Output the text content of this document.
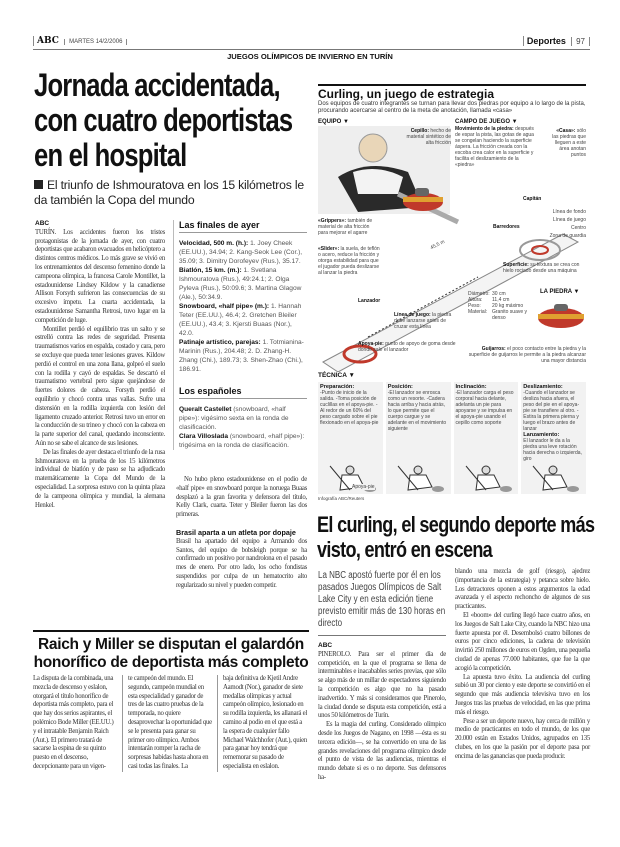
ABC MARTES 14/2/2006	Deportes 97
JUEGOS OLÍMPICOS DE INVIERNO EN TURÍN
Jornada accidentada, con cuatro deportistas en el hospital
El triunfo de Ishmouratova en los 15 kilómetros le da también la Copa del mundo
ABC

TURÍN. Los accidentes fueron los tristes protagonistas de la jornada de ayer, con cuatro deportistas que acabaron evacuados en helicóptero a distintos centros médicos. Lo más grave se vivió en los entrenamientos del descenso femenino donde la campeona olímpica, la francesa Carole Montillet, la estadounidense Lindsey Kildow y la canadiense Allison Forsyth sufrieron las consecuencias de su excesivo ímpetu. La cuarta accidentada, la estadounidense Samantha Retrosi, tuvo lugar en la competición de luge.

Montillet perdió el equilibrio tras un salto y se estrelló contra las redes de seguridad. Presenta traumatismos varios en espalda, costado y cara, pero se excluye que pueda tener lesiones graves. Kildow perdió el control en una zona llana, golpeó el suelo con la rodilla y cayó de espaldas. Se descartó el traumatismo vertebral pero sigue quejándose de fuertes dolores de cabeza. Forsyth perdió el equilibrio y chocó contra unas vallas. Sufre una distensión en la rodilla izquierda con lesión del ligamento cruzado anterior. Retrosi tuvo un error en la conducción de su trineo y chocó con la cabeza en la parte superior del canal, quedando inconsciente. Aún no se sabe el alcance de sus lesiones.

De las finales de ayer destaca el triunfo de la rusa Ishmouratova en la prueba de los 15 kilómetros individual de biatlón y de paso se ha adjudicado matemáticamente la Copa del Mundo de la especialidad. La sorpresa estuvo con la quinta plaza de la campeona olímpica y mundial, la alemana Henkel.

Las finales de ayer
Velocidad, 500 m. (h.): 1. Joey Cheek (EE.UU.), 34.94; 2. Kang-Seok Lee (Cor.), 35.09; 3. Dimitry Dorofeyev (Rus.), 35.17.
Biatlón, 15 km. (m.): 1. Svetlana Ishmouratova (Rus.), 49:24.1; 2. Olga Pyleva (Rus.), 50:09.6; 3. Martina Glagow (Ale.), 50:34.9.
Snowboard, «half pipe» (m.): 1. Hannah Teter (EE.UU.), 46.4; 2. Gretchen Bleiler (EE.UU.), 43.4; 3. Kjersti Buaas (Nor.), 42.0.
Patinaje artístico, parejas: 1. Totmianina-Marinin (Rus.), 204.48; 2. D. Zhang-H. Zhang (Chi.), 189.73; 3. Shen-Zhao (Chi.), 186.91.
Los españoles
Queralt Castellet (snowboard, «half pipe»): vigésimo sexta en la ronda de clasificación.
Clara Villoslada (snowboard, «half pipe»): trigésima en la ronda de clasificación.

No hubo pleno estadounidense en el podio de «half pipe» en snowboard porque la noruega Buaas desplazó a la gran favorita y defensora del título, Kelly Clark, cuarta. Teter y Bleiler fueron las dos primeras.

Brasil aparta a un atleta por dopaje

Brasil ha apartado del equipo a Armando dos Santos, del equipo de bobsleigh porque se ha confirmado un positivo por nandrolona en el pasado mes de enero. Por otro lado, los ocho fondistas suspendidos por culpa de un hematocrito alto regularizado su nivel y pueden competir.

Raich y Miller se disputan el galardón honorífico de deportista más completo

La disputa de la combinada, una mezcla de descenso y eslalon, otorgará el título honorífico de deportista más completo, para el que hay dos serios aspirantes, el polémico Bode Miller (EE.UU.) y el intratable Benjamin Raich (Aut.). El primero tratará de sacarse la espina de su quinto puesto en el descenso, decepcionante para un vigen-

te campeón del mundo. El segundo, campeón mundial en esta especialidad y ganador de tres de las cuatro pruebas de la temporada, no quiere desaprovechar la oportunidad que se le presenta para ganar su primer oro olímpico. Ambos intentarán romper la racha de sorpresas habidas hasta ahora en casi todas las finales. La

baja definitiva de Kjetil Andre Aamodt (Nor.), ganador de siete medallas olímpicas y actual campeón olímpico, lesionado en su rodilla izquierda, les allanará el camino al podio en el que está a la espera de cualquier fallo Michael Walchhofer (Aut.), quien para ganar hoy tendrá que rememorar su pasado de especialista en eslalon.

Curling, un juego de estrategia
Dos equipos de cuatro integrantes se turnan para llevar dos piedras por equipo a lo largo de la pista, procurando acercarse al centro de la meta de anotación, llamada «casa»
EQUIPO ▼	CAMPO DE JUEGO ▼
Cepillo: hecho de material sintético de alta fricción
Movimiento de la piedra: después de espar la pista, las gotas de agua se congelan haciendo la superficie áspera. La fricción creada con la escoba crea calor en la superficie y facilita el deslizamiento de la «piedra»
«Casa»: sólo las piedras que lleguen a este área anotan puntos
«Grippers»: también de material de alta fricción para mejorar el agarre
«Slider»: la suela, de teflón o acero, reduce la fricción y otorga estabilidad para que el jugador pueda deslizarse al lanzar la piedra
Barredores
Capitán
Lanzador
45,5 m
Línea de fondo
Línea de juego
Centro
Zona de guardia
Superficie: su textura se crea con hielo rociado desde una máquina
Línea de juego: la piedra debe lanzarse antes de cruzar esta línea
Apoya-pie: punto de apoyo de goma desde donde sale el lanzador
LA PIEDRA ▼
Diámetro: 30 cm
Altura:	11,4 cm
Peso:	20 kg máximo
Material: Granito suave y denso
Guijarros: el poco contacto entre la piedra y la superficie de guijarros le permite a la piedra alcanzar una mayor distancia
TÉCNICA ▼
Preparación:
-Punto de inicio de la salida. -Toma posición de cuclillas en el apoya-pie. -Al redor de un 60% del peso cargado sobre el pie flexionado en el apoya-pie
Posición:
-El lanzador se enrosca como un resorte. -Cadera hacia arriba y hacia atrás, lo que permite que el cuerpo cargue y se adelante en el movimiento siguiente
Inclinación:
-El lanzador carga el peso corporal hacia delante, adelanta un pie para apoyarse y se impulsa en el apoya-pie usando el cepillo como soporte
Deslizamiento:
-Cuando el lanzador se desliza hacia afuera, el peso del pie en el apoya-pie se transfiere al otro. -Estira la primera pierna y luego el brazo antes de lanzar
Lanzamiento:
El lanzador le da a la piedra una leve rotación hacia derecha o izquierda, giro
Apoya-pie
Infografía ABC/Reuters
El curling, el segundo deporte más visto, entró en escena
La NBC apostó fuerte por él en los pasados Juegos Olímpicos de Salt Lake City y en esta edición tiene previsto emitir más de 130 horas en directo
ABC

PINEROLO. Para ser el primer día de competición, en la que el programa se llena de interminables e inacabables series previas, que sólo se algo más de un millar de espectadores siguiendo la competición es algo que no ha pasado inadvertido. Y más si consideramos que Pinerolo, la ciudad donde se disputa esta competición, está a unos 50 kilómetros de Turín.

Es la magia del curling. Considerado olímpico desde los Juegos de Nagano, en 1998 —ésta es su tercera edición—, se ha convertido en una de las grandes revelaciones del programa olímpico desde el punto de vista de las audiencias, mientras el mundo debate si es o no deporte. Sus defensores ha-

blando una mezcla de golf (riesgo), ajedrez (importancia de la estrategia) y petanca sobre hielo. Los detractores oponen a estos argumentos la edad avanzada y el aspecto rechoncho de algunos de sus practicantes.

El «boom» del curling llegó hace cuatro años, en los Juegos de Salt Lake City, cuando la NBC hizo una fuerte apuesta por él. Desembolsó cuatro billones de euros por cinco ediciones, la cadena de televisión invirtió 250 millones de euros en Ogden, una pequeña ciudad de apenas 77.000 habitantes, que fue la que acogió la competición.

La apuesta tuvo éxito. La audiencia del curling subió un 30 por ciento y este deporte se convirtió en el segundo que más audiencia televisiva tuvo en los Juegos tras las pruebas de velocidad, en las que prima más el riesgo.

Pese a ser un deporte nuevo, hay cerca de millón y medio de practicantes en todo el mundo, de los que 20.000 están en Estados Unidos, agrupados en 135 clubes, en los que la pasión por el deporte pasa por encima de las ganancias que pueda producir.
